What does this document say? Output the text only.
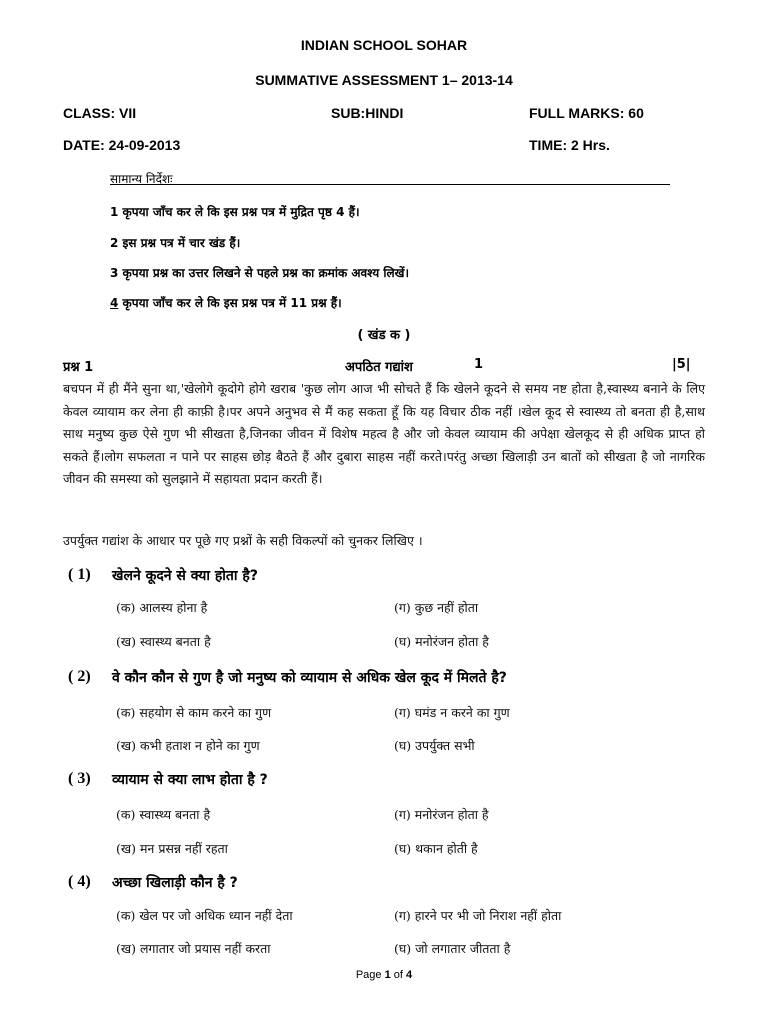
INDIAN SCHOOL SOHAR
SUMMATIVE ASSESSMENT 1– 2013-14
CLASS: VII	SUB:HINDI	FULL MARKS: 60
DATE: 24-09-2013	TIME: 2 Hrs.
सामान्य निर्देशः
1 कृपया जाँच कर ले कि इस प्रश्न पत्र में मुद्रित पृष्ठ 4 हैं।
2 इस प्रश्न पत्र में चार खंड हैं।
3 कृपया प्रश्न का उत्तर लिखने से पहले प्रश्न का क्रमांक अवश्य लिखें।
4 कृपया जाँच कर ले कि इस प्रश्न पत्र में 11 प्रश्न हैं।
( खंड क )
प्रश्न 1	अपठित गद्यांश	1	|5|
बचपन में ही मैंने सुना था,'खेलोगे कूदोगे होगे खराब 'कुछ लोग आज भी सोचते हैं कि खेलने कूदने से समय नष्ट होता है,स्वास्थ्य बनाने के लिए केवल व्यायाम कर लेना ही काफ़ी है।पर अपने अनुभव से मैं कह सकता हूँ कि यह विचार ठीक नहीं ।खेल कूद से स्वास्थ्य तो बनता ही है,साथ साथ मनुष्य कुछ ऐसे गुण भी सीखता है,जिनका जीवन में विशेष महत्व है और जो केवल व्यायाम की अपेक्षा खेलकूद से ही अधिक प्राप्त हो सकते हैं।लोग सफलता न पाने पर साहस छोड़ बैठते हैं और दुबारा साहस नहीं करते।परंतु अच्छा खिलाड़ी उन बातों को सीखता है जो नागरिक जीवन की समस्या को सुलझाने में सहायता प्रदान करती हैं।
उपर्युक्त गद्यांश के आधार पर पूछे गए प्रश्नों के सही विकल्पों को चुनकर लिखिए ।
( 1) खेलने कूदने से क्या होता है?
(क) आलस्य होना है	(ग) कुछ नहीं होता
(ख) स्वास्थ्य बनता है	(घ) मनोरंजन होता है
( 2) वे कौन कौन से गुण है जो मनुष्य को व्यायाम से अधिक खेल कूद में मिलते है?
(क) सहयोग से काम करने का गुण	(ग) घमंड न करने का गुण
(ख) कभी हताश न होने का गुण	(घ) उपर्युक्त सभी
( 3) व्यायाम से क्या लाभ होता है ?
(क) स्वास्थ्य बनता है	(ग) मनोरंजन होता है
(ख) मन प्रसन्न नहीं रहता	(घ) थकान होती है
( 4) अच्छा खिलाड़ी कौन है ?
(क) खेल पर जो अधिक ध्यान नहीं देता	(ग) हारने पर भी जो निराश नहीं होता
(ख) लगातार जो प्रयास नहीं करता	(घ) जो लगातार जीतता है
Page 1 of 4
